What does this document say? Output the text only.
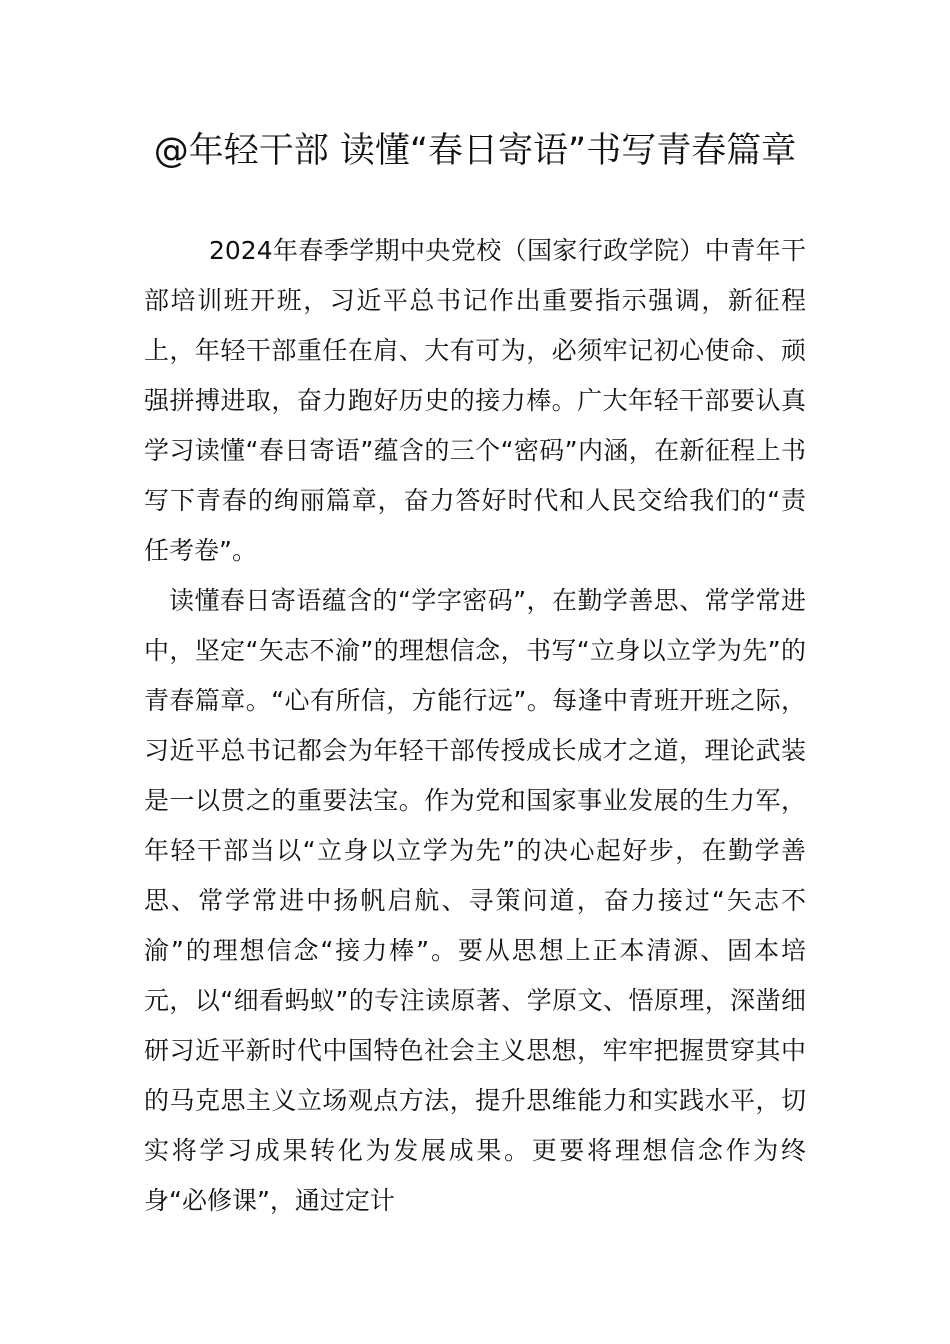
@年轻干部 读懂“春日寄语”书写青春篇章

2024年春季学期中央党校（国家行政学院）中青年干部培训班开班，习近平总书记作出重要指示强调，新征程上，年轻干部重任在肩、大有可为，必须牢记初心使命、顽强拼搏进取，奋力跑好历史的接力棒。广大年轻干部要认真学习读懂“春日寄语”蕴含的三个“密码”内涵，在新征程上书写下青春的绚丽篇章，奋力答好时代和人民交给我们的“责任考卷”。

读懂春日寄语蕴含的“学字密码”，在勤学善思、常学常进中，坚定“矢志不渝”的理想信念，书写“立身以立学为先”的青春篇章。“心有所信，方能行远”。每逢中青班开班之际，习近平总书记都会为年轻干部传授成长成才之道，理论武装是一以贯之的重要法宝。作为党和国家事业发展的生力军，年轻干部当以“立身以立学为先”的决心起好步，在勤学善思、常学常进中扬帆启航、寻策问道，奋力接过“矢志不渝”的理想信念“接力棒”。要从思想上正本清源、固本培元，以“细看蚂蚁”的专注读原著、学原文、悟原理，深凿细研习近平新时代中国特色社会主义思想，牢牢把握贯穿其中的马克思主义立场观点方法，提升思维能力和实践水平，切实将学习成果转化为发展成果。更要将理想信念作为终身“必修课”，通过定计
